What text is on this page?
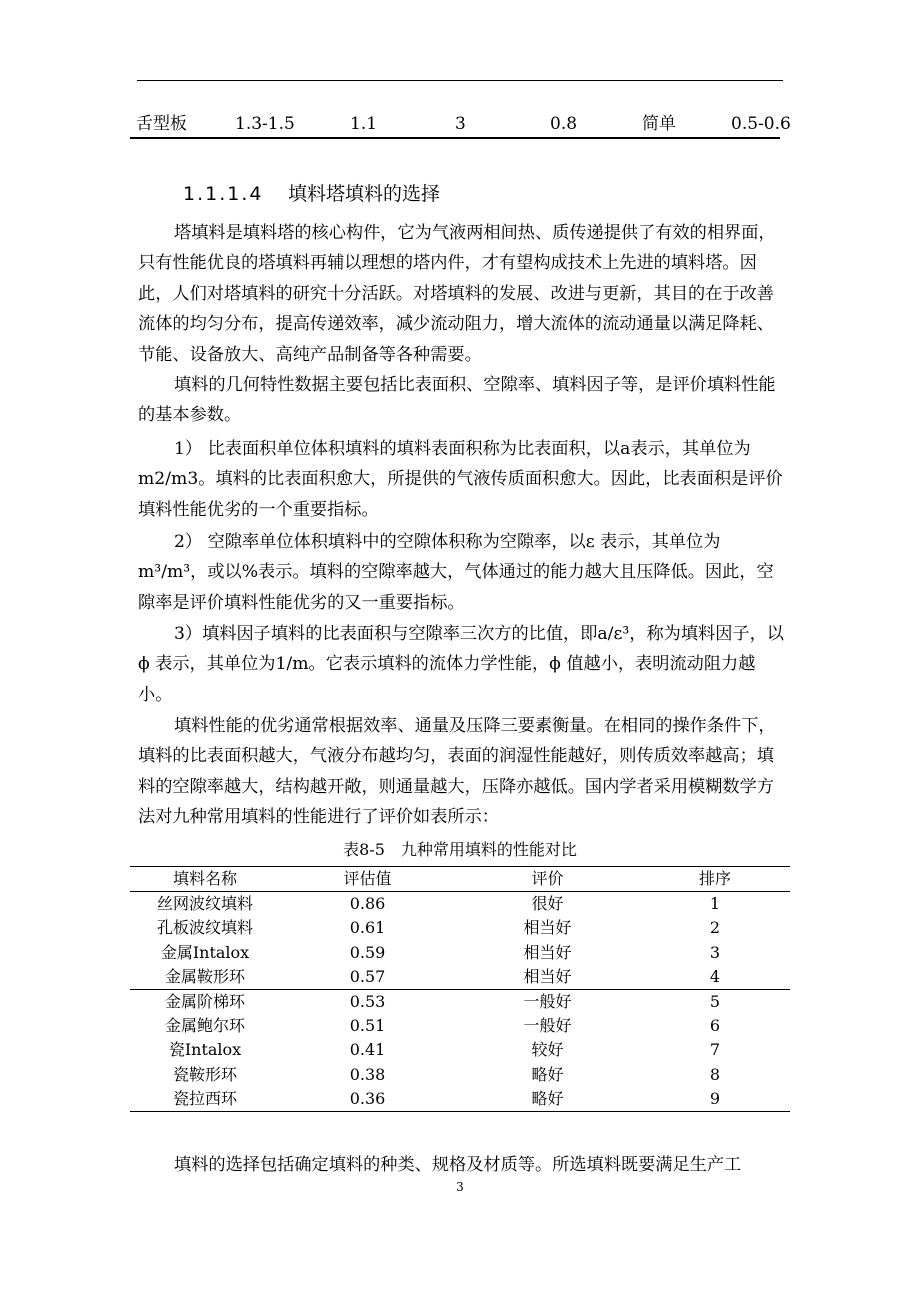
舌型板	1.3-1.5	1.1	3	0.8	简单	0.5-0.6
1.1.1.4 填料塔填料的选择
塔填料是填料塔的核心构件，它为气液两相间热、质传递提供了有效的相界面，只有性能优良的塔填料再辅以理想的塔内件，才有望构成技术上先进的填料塔。因此，人们对塔填料的研究十分活跃。对塔填料的发展、改进与更新，其目的在于改善流体的均匀分布，提高传递效率，减少流动阻力，增大流体的流动通量以满足降耗、节能、设备放大、高纯产品制备等各种需要。
填料的几何特性数据主要包括比表面积、空隙率、填料因子等，是评价填料性能的基本参数。
1） 比表面积单位体积填料的填料表面积称为比表面积，以a表示，其单位为m2/m3。填料的比表面积愈大，所提供的气液传质面积愈大。因此，比表面积是评价填料性能优劣的一个重要指标。
2） 空隙率单位体积填料中的空隙体积称为空隙率，以ε 表示，其单位为m³/m³，或以%表示。填料的空隙率越大，气体通过的能力越大且压降低。因此，空隙率是评价填料性能优劣的又一重要指标。
3）填料因子填料的比表面积与空隙率三次方的比值，即a/ε³，称为填料因子，以ϕ 表示，其单位为1/m。它表示填料的流体力学性能，ϕ 值越小，表明流动阻力越小。
填料性能的优劣通常根据效率、通量及压降三要素衡量。在相同的操作条件下，填料的比表面积越大，气液分布越均匀，表面的润湿性能越好，则传质效率越高；填料的空隙率越大，结构越开敞，则通量越大，压降亦越低。国内学者采用模糊数学方法对九种常用填料的性能进行了评价如表所示：
表8-5　九种常用填料的性能对比
填料名称	评估值	评价	排序
丝网波纹填料	0.86	很好	1
孔板波纹填料	0.61	相当好	2
金属Intalox	0.59	相当好	3
金属鞍形环	0.57	相当好	4
金属阶梯环	0.53	一般好	5
金属鲍尔环	0.51	一般好	6
瓷Intalox	0.41	较好	7
瓷鞍形环	0.38	略好	8
瓷拉西环	0.36	略好	9
填料的选择包括确定填料的种类、规格及材质等。所选填料既要满足生产工
3
